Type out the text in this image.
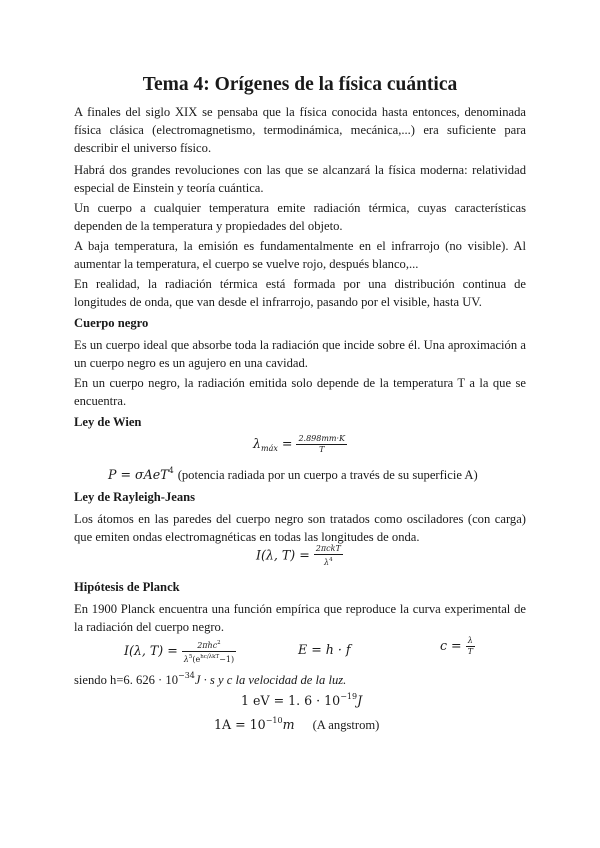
Tema 4: Orígenes de la física cuántica

A finales del siglo XIX se pensaba que la física conocida hasta entonces, denominada física clásica (electromagnetismo, termodinámica, mecánica,...) era suficiente para describir el universo físico.

Habrá dos grandes revoluciones con las que se alcanzará la física moderna: relatividad especial de Einstein y teoría cuántica.

Un cuerpo a cualquier temperatura emite radiación térmica, cuyas características dependen de la temperatura y propiedades del objeto.

A baja temperatura, la emisión es fundamentalmente en el infrarrojo (no visible). Al aumentar la temperatura, el cuerpo se vuelve rojo, después blanco,...

En realidad, la radiación térmica está formada por una distribución continua de longitudes de onda, que van desde el infrarrojo, pasando por el visible, hasta UV.

Cuerpo negro

Es un cuerpo ideal que absorbe toda la radiación que incide sobre él. Una aproximación a un cuerpo negro es un agujero en una cavidad.

En un cuerpo negro, la radiación emitida solo depende de la temperatura T a la que se encuentra.

Ley de Wien

$\lambda_{máx} = \frac{2.898mm\cdot K}{T}$
P = σAeT$^4$ (potencia radiada por un cuerpo a través de su superficie A)

Ley de Rayleigh-Jeans

Los átomos en las paredes del cuerpo negro son tratados como osciladores (con carga) que emiten ondas electromagnéticas en todas las longitudes de onda.

I(λ, $T) = \frac{\text{2πckT}}{\lambda^4}$

Hipótesis de Planck

En 1900 Planck encuentra una función empírica que reproduce la curva experimental de la radiación del cuerpo negro.

I(λ, $T) = \frac{2\pi hc^2}{\lambda^5(e^{hc/\lambda kT}-1)}$	E = h · f	$c = \frac{\lambda}{T}$
siendo h=6. $626 \cdot 10^{-34}J \cdot s$ y c la velocidad de la luz.
1 eV = 1. $6 \cdot 10^{-19}J$
$1A = 10^{-10}m$ (A angstrom)
